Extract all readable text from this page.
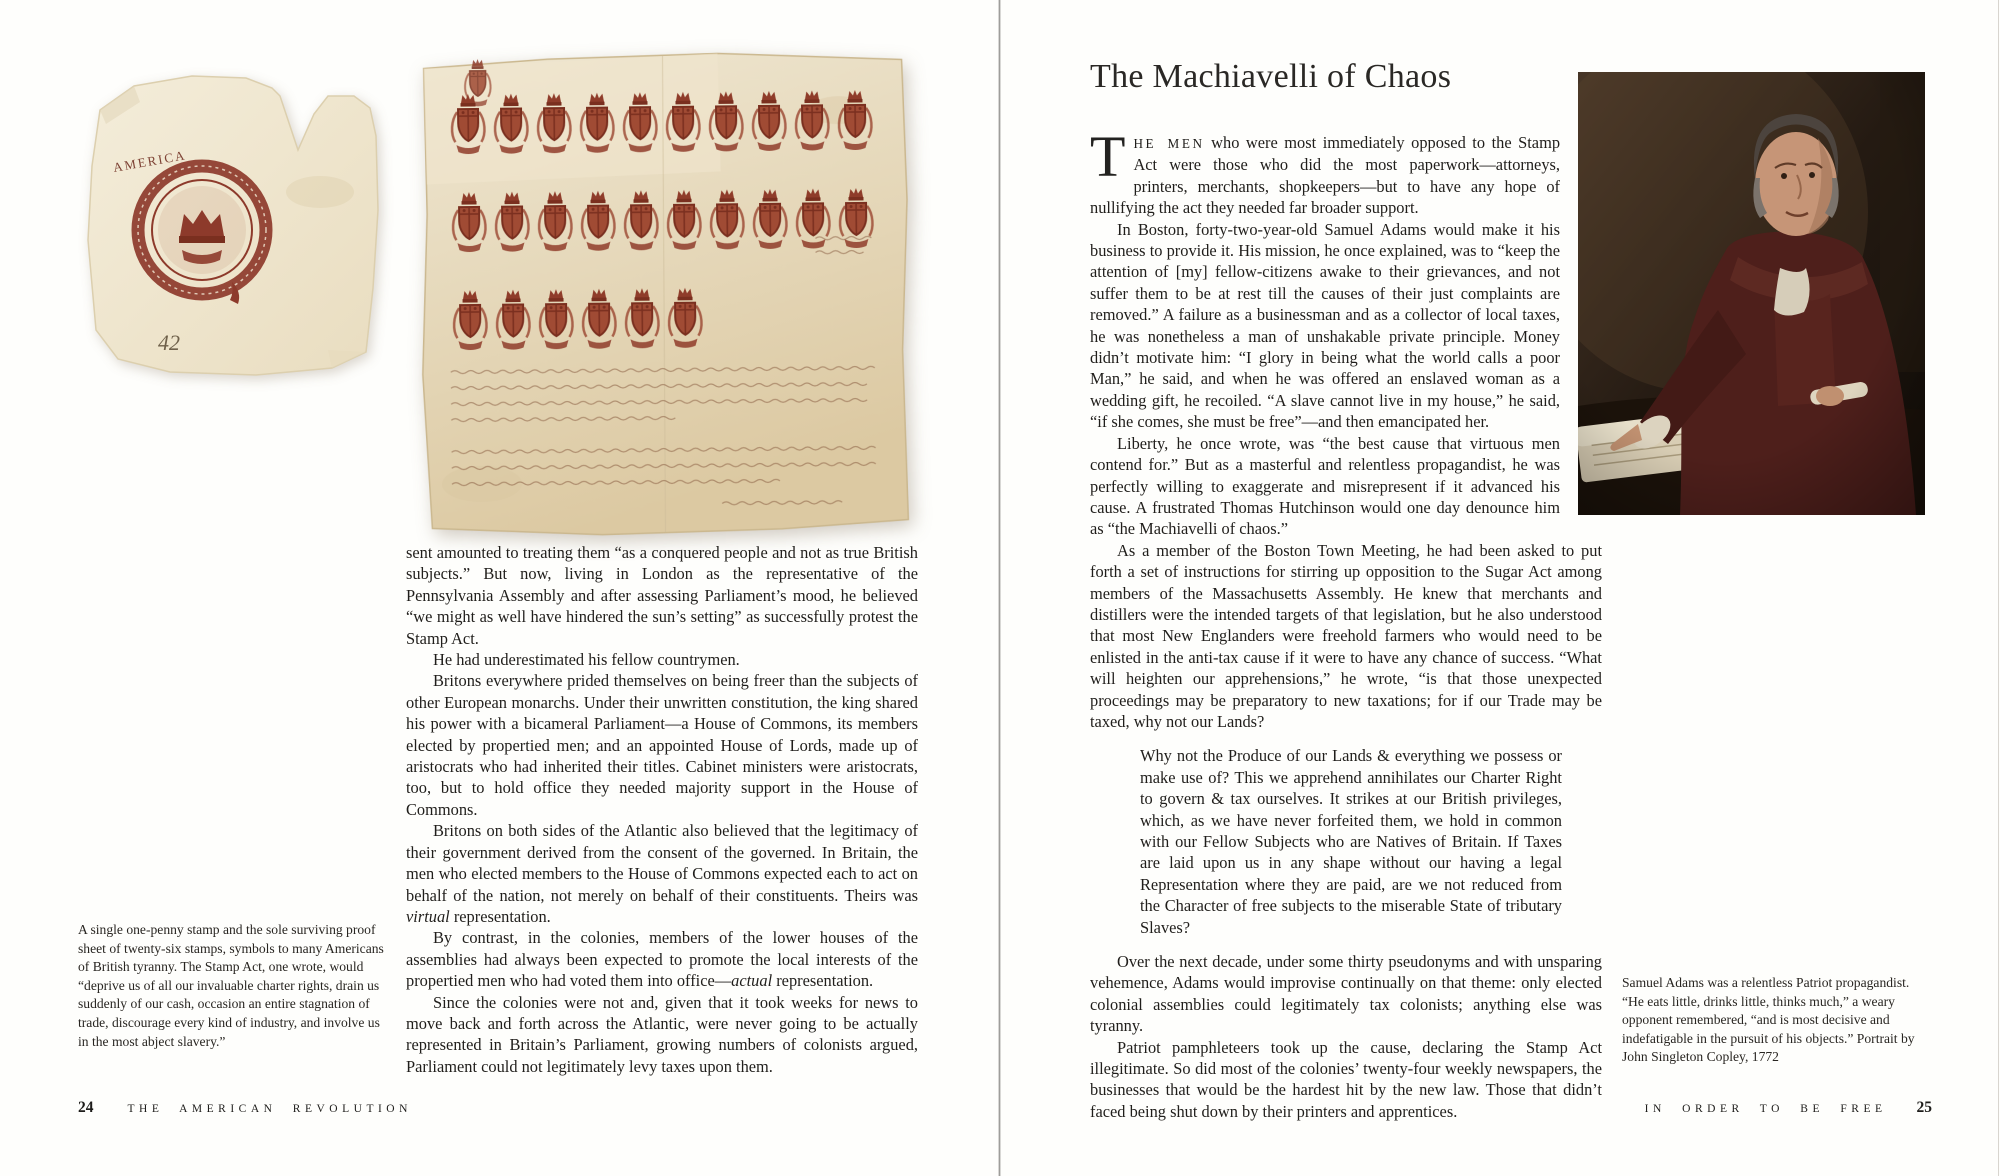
AMERICA
42

sent amounted to treating them “as a conquered people and not as true British subjects.” But now, living in London as the representative of the Pennsylvania Assembly and after assessing Parliament’s mood, he believed “we might as well have hindered the sun’s setting” as successfully protest the Stamp Act.

He had underestimated his fellow countrymen.

Britons everywhere prided themselves on being freer than the subjects of other European monarchs. Under their unwritten constitution, the king shared his power with a bicameral Parliament—a House of Commons, its members elected by propertied men; and an appointed House of Lords, made up of aristocrats who had inherited their titles. Cabinet ministers were aristocrats, too, but to hold office they needed majority support in the House of Commons.

Britons on both sides of the Atlantic also believed that the legitimacy of their government derived from the consent of the governed. In Britain, the men who elected members to the House of Commons expected each to act on behalf of the nation, not merely on behalf of their constituents. Theirs was virtual representation.

By contrast, in the colonies, members of the lower houses of the assemblies had always been expected to promote the local interests of the propertied men who had voted them into office—actual representation.

Since the colonies were not and, given that it took weeks for news to move back and forth across the Atlantic, were never going to be actually represented in Britain’s Parliament, growing numbers of colonists argued, Parliament could not legitimately levy taxes upon them.

A single one-penny stamp and the sole surviving proof sheet of twenty-six stamps, symbols to many Americans of British tyranny. The Stamp Act, one wrote, would “deprive us of all our invaluable charter rights, drain us suddenly of our cash, occasion an entire stagnation of trade, discourage every kind of industry, and involve us in the most abject slavery.”

24	THE AMERICAN REVOLUTION
The Machiavelli of Chaos

THE MEN who were most immediately opposed to the Stamp Act were those who did the most paperwork—attorneys, printers, merchants, shopkeepers—but to have any hope of nullifying the act they needed far broader support.

In Boston, forty-two-year-old Samuel Adams would make it his business to provide it. His mission, he once explained, was to “keep the attention of [my] fellow-citizens awake to their grievances, and not suffer them to be at rest till the causes of their just complaints are removed.” A failure as a businessman and as a collector of local taxes, he was nonetheless a man of unshakable private principle. Money didn’t motivate him: “I glory in being what the world calls a poor Man,” he said, and when he was offered an enslaved woman as a wedding gift, he recoiled. “A slave cannot live in my house,” he said, “if she comes, she must be free”—and then emancipated her.

Liberty, he once wrote, was “the best cause that virtuous men contend for.” But as a masterful and relentless propagandist, he was perfectly willing to exaggerate and misrepresent if it advanced his cause. A frustrated Thomas Hutchinson would one day denounce him as “the Machiavelli of chaos.”

As a member of the Boston Town Meeting, he had been asked to put forth a set of instructions for stirring up opposition to the Sugar Act among members of the Massachusetts Assembly. He knew that merchants and distillers were the intended targets of that legislation, but he also understood that most New Englanders were freehold farmers who would need to be enlisted in the anti-tax cause if it were to have any chance of success. “What will heighten our apprehensions,” he wrote, “is that those unexpected proceedings may be preparatory to new taxations; for if our Trade may be taxed, why not our Lands?

Why not the Produce of our Lands & everything we possess or make use of? This we apprehend annihilates our Charter Right to govern & tax ourselves. It strikes at our British privileges, which, as we have never forfeited them, we hold in common with our Fellow Subjects who are Natives of Britain. If Taxes are laid upon us in any shape without our having a legal Representation where they are paid, are we not reduced from the Character of free subjects to the miserable State of tributary Slaves?

Over the next decade, under some thirty pseudonyms and with unsparing vehemence, Adams would improvise continually on that theme: only elected colonial assemblies could legitimately tax colonists; anything else was tyranny.

Patriot pamphleteers took up the cause, declaring the Stamp Act illegitimate. So did most of the colonies’ twenty-four weekly newspapers, the businesses that would be the hardest hit by the new law. Those that didn’t faced being shut down by their printers and apprentices.

Samuel Adams was a relentless Patriot propagandist. “He eats little, drinks little, thinks much,” a weary opponent remembered, “and is most decisive and indefatigable in the pursuit of his objects.” Portrait by John Singleton Copley, 1772

IN ORDER TO BE FREE 25
